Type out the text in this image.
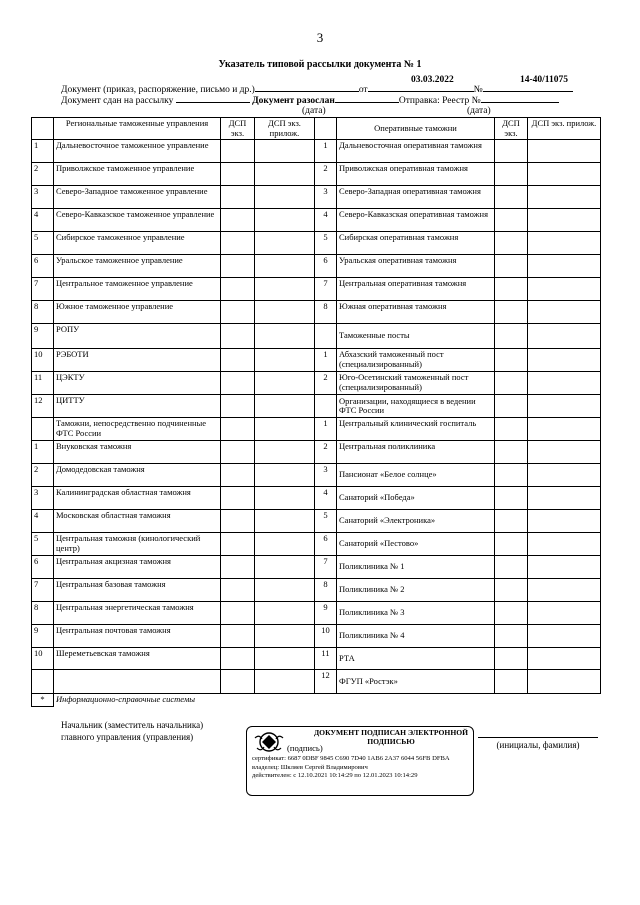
3
Указатель типовой рассылки документа № 1
03.03.2022	14-40/11075
Документ (приказ, распоряжение, письмо и др.)	от	№
Документ сдан на рассылку	Документ разослан	Отправка: Реестр №
(дата)	(дата)
	Региональные таможенные управления	ДСП экз.	ДСП экз. прилож.		Оперативные таможни	ДСП экз.	ДСП экз. прилож.
1	Дальневосточное таможенное управление			1	Дальневосточная оперативная таможня		
2	Приволжское таможенное управление			2	Приволжская оперативная таможня		
3	Северо-Западное таможенное управление			3	Северо-Западная оперативная таможня		
4	Северо-Кавказское таможенное управление			4	Северо-Кавказская оперативная таможня		
5	Сибирское таможенное управление			5	Сибирская оперативная таможня		
6	Уральское таможенное управление			6	Уральская оперативная таможня		
7	Центральное таможенное управление			7	Центральная оперативная таможня		
8	Южное таможенное управление			8	Южная оперативная таможня		
9	РОПУ				Таможенные посты		
10	РЭБОТИ			1	Абхазский таможенный пост (специализированный)		
11	ЦЭКТУ			2	Юго-Осетинский таможенный пост (специализированный)		
12	ЦИТТУ				Организации, находящиеся в ведении ФТС России		
	Таможни, непосредственно подчиненные ФТС России			1	Центральный клинический госпиталь		
1	Внуковская таможня			2	Центральная поликлиника		
2	Домодедовская таможня			3	Пансионат «Белое солнце»		
3	Калининградская областная таможня			4	Санаторий «Победа»		
4	Московская областная таможня			5	Санаторий «Электроника»		
5	Центральная таможня (кинологический центр)			6	Санаторий «Пестово»		
6	Центральная акцизная таможня			7	Поликлиника № 1		
7	Центральная базовая таможня			8	Поликлиника № 2		
8	Центральная энергетическая таможня			9	Поликлиника № 3		
9	Центральная почтовая таможня			10	Поликлиника № 4		
10	Шереметьевская таможня			11	РТА		
				12	ФГУП «Ростэк»		
*	Информационно-справочные системы						
Начальник (заместитель начальника)
главного управления (управления)	ДОКУМЕНТ ПОДПИСАН ЭЛЕКТРОННОЙ ПОДПИСЬЮ
(подпись)
сертификат: 6687 0DBF 9845 C690 7D40 1AB6 2A37 6044 56FB DFBA
владелец: Шкляев Сергей Владимирович
действителен: с 12.10.2021 10:14:29 по 12.01.2023 10:14:29
(инициалы, фамилия)
